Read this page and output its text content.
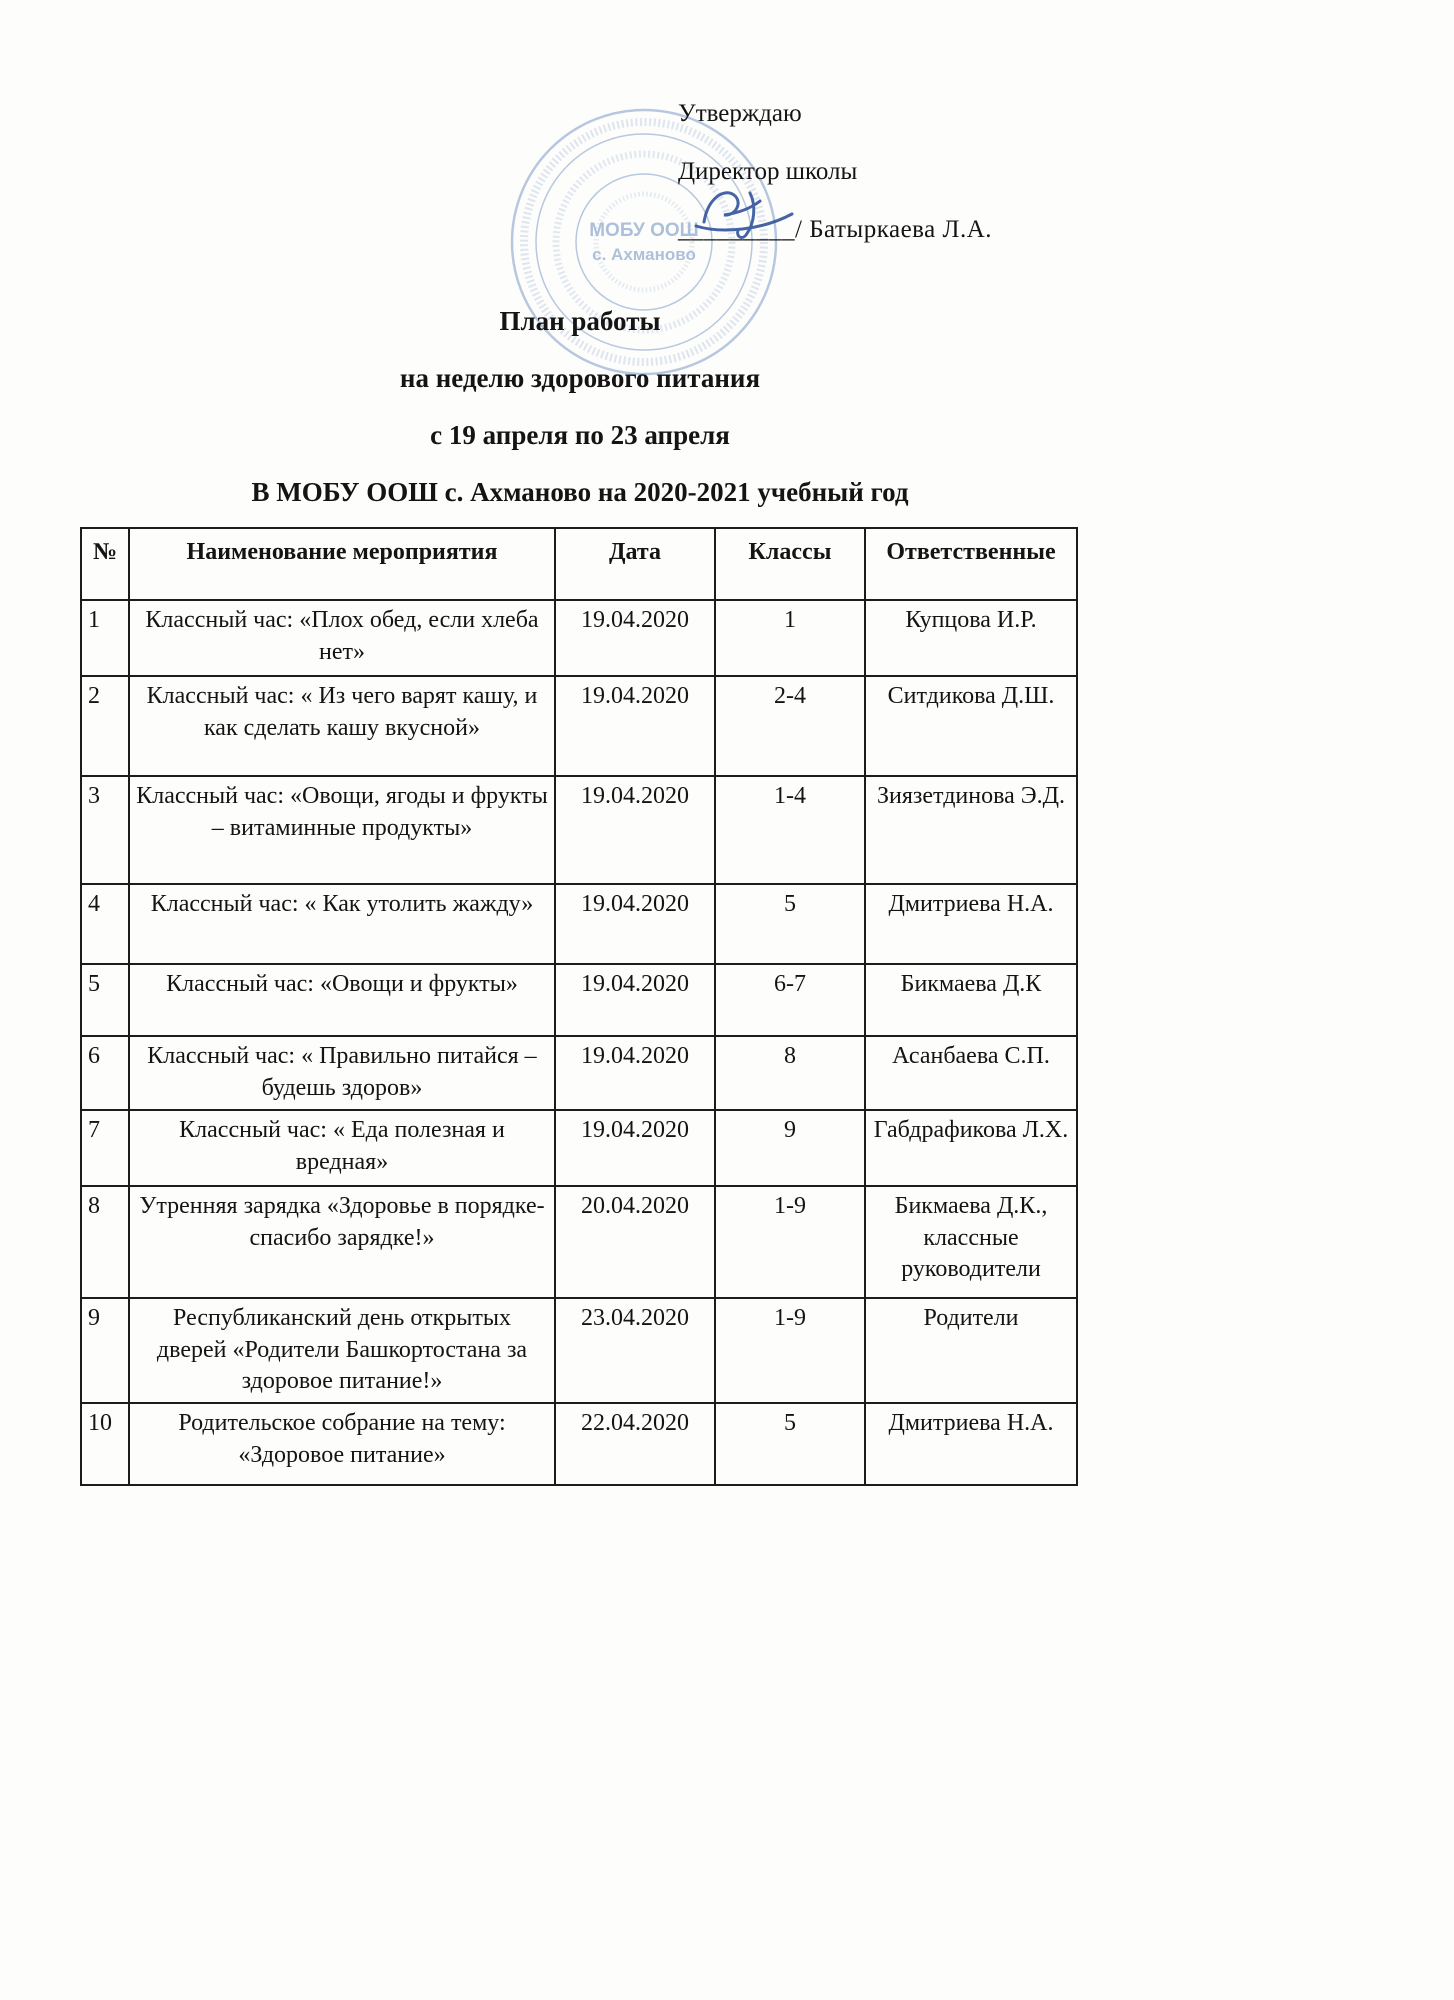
МОБУ ООШ
с. Ахманово

Утверждаю

Директор школы

_________/ Батыркаева Л.А.

План работы

на неделю здорового питания

с 19 апреля по 23 апреля

В МОБУ ООШ с. Ахманово на 2020-2021 учебный год

№	Наименование мероприятия	Дата	Классы	Ответственные
1	Классный час: «Плох обед, если хлеба нет»	19.04.2020	1	Купцова И.Р.
2	Классный час: « Из чего варят кашу, и как сделать кашу вкусной»	19.04.2020	2-4	Ситдикова Д.Ш.
3	Классный час: «Овощи, ягоды и фрукты – витаминные продукты»	19.04.2020	1-4	Зиязетдинова Э.Д.
4	Классный час: « Как утолить жажду»	19.04.2020	5	Дмитриева Н.А.
5	Классный час: «Овощи и фрукты»	19.04.2020	6-7	Бикмаева Д.К
6	Классный час: « Правильно питайся – будешь здоров»	19.04.2020	8	Асанбаева С.П.
7	Классный час: « Еда полезная и вредная»	19.04.2020	9	Габдрафикова Л.Х.
8	Утренняя зарядка «Здоровье в порядке-спасибо зарядке!»	20.04.2020	1-9	Бикмаева Д.К., классные руководители
9	Республиканский день открытых дверей «Родители Башкортостана за здоровое питание!»	23.04.2020	1-9	Родители
10	Родительское собрание на тему: «Здоровое питание»	22.04.2020	5	Дмитриева Н.А.
